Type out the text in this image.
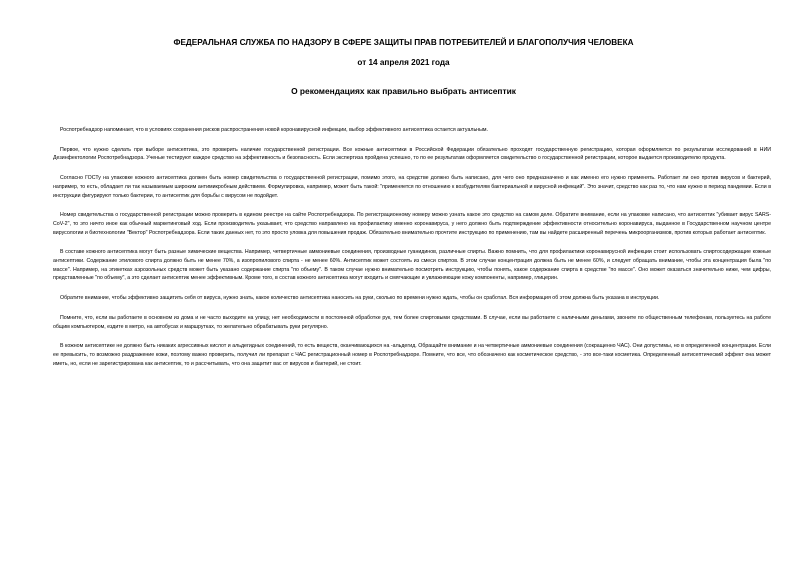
ФЕДЕРАЛЬНАЯ СЛУЖБА ПО НАДЗОРУ В СФЕРЕ ЗАЩИТЫ ПРАВ ПОТРЕБИТЕЛЕЙ И БЛАГОПОЛУЧИЯ ЧЕЛОВЕКА
от 14 апреля 2021 года
О рекомендациях как правильно выбрать антисептик

Роспотребнадзор напоминает, что в условиях сохранения рисков распространения новой коронавирусной инфекции, выбор эффективного антисептика остается актуальным.

Первое, что нужно сделать при выборе антисептика, это проверить наличие государственной регистрации. Все кожные антисептики в Российской Федерации обязательно проходят государственную регистрацию, которая оформляется по результатам исследований в НИИ Дезинфектологии Роспотребнадзора. Ученые тестируют каждое средство на эффективность и безопасность. Если экспертиза пройдена успешно, то по ее результатам оформляется свидетельство о государственной регистрации, которое выдается производителю продукта.

Согласно ГОСТу на упаковке кожного антисептика должен быть номер свидетельства о государственной регистрации, помимо этого, на средстве должно быть написано, для чего оно предназначено и как именно его нужно применять. Работает ли оно против вирусов и бактерий, например, то есть, обладает ли так называемым широким антимикробным действием. Формулировка, например, может быть такой: "применяется по отношению к возбудителям бактериальной и вирусной инфекций". Это значит, средство как раз то, что нам нужно в период пандемии. Если в инструкции фигурируют только бактерии, то антисептик для борьбы с вирусом не подойдет.

Номер свидетельства о государственной регистрации можно проверить в едином реестре на сайте Роспотребнадзора. По регистрационному номеру можно узнать какое это средство на самом деле. Обратите внимание, если на упаковке написано, что антисептик "убивает вирус SARS-CoV-2", то это ничто иное как обычный маркетинговый ход. Если производитель указывает, что средство направлено на профилактику именно коронавируса, у него должно быть подтверждение эффективности относительно коронавируса, выданное в Государственном научном центре вирусологии и биотехнологии "Вектор" Роспотребнадзора. Если таких данных нет, то это просто уловка для повышения продаж. Обязательно внимательно прочтите инструкцию по применению, там вы найдете расширенный перечень микроорганизмов, против которых работает антисептик.

В составе кожного антисептика могут быть разные химические вещества. Например, четвертичные аммониевые соединения, производные гуанидинов, различные спирты. Важно помнить, что для профилактики коронавирусной инфекции стоит использовать спиртосодержащие кожные антисептики. Содержание этилового спирта должно быть не менее 70%, а изопропилового спирта - не менее 60%. Антисептик может состоять из смеси спиртов. В этом случае концентрация должна быть не менее 60%, и следует обращать внимание, чтобы эта концентрация была "по массе". Например, на этикетках аэрозольных средств может быть указано содержание спирта "по объему". В таком случае нужно внимательно посмотреть инструкцию, чтобы понять, какое содержание спирта в средстве "по массе". Оно может оказаться значительно ниже, чем цифры, представленные "по объему", а это сделает антисептик менее эффективным. Кроме того, в состав кожного антисептика могут входить и смягчающие и увлажняющие кожу компоненты, например, глицерин.

Обратите внимание, чтобы эффективно защитить себя от вируса, нужно знать, какое количество антисептика наносить на руки, сколько по времени нужно ждать, чтобы он сработал. Вся информация об этом должна быть указана в инструкции.

Помните, что, если вы работаете в основном из дома и не часто выходите на улицу, нет необходимости в постоянной обработке рук, тем более спиртовыми средствами. В случае, если вы работаете с наличными деньгами, звоните по общественным телефонам, пользуетесь на работе общим компьютером, ездите в метро, на автобусах и маршрутках, то желательно обрабатывать руки регулярно.

В кожном антисептике не должно быть никаких агрессивных кислот и альдегидных соединений, то есть веществ, оканчивающихся на -альдегид. Обращайте внимание и на четвертичные аммониевые соединения (сокращенно ЧАС). Они допустимы, но в определенной концентрации. Если ее превысить, то возможно раздражение кожи, поэтому важно проверить, получил ли препарат с ЧАС регистрационный номер в Роспотребнадзоре. Помните, что все, что обозначено как косметическое средство, - это все-таки косметика. Определенный антисептический эффект она может иметь, но, если не зарегистрирована как антисептик, то и рассчитывать, что она защитит вас от вирусов и бактерий, не стоит.
